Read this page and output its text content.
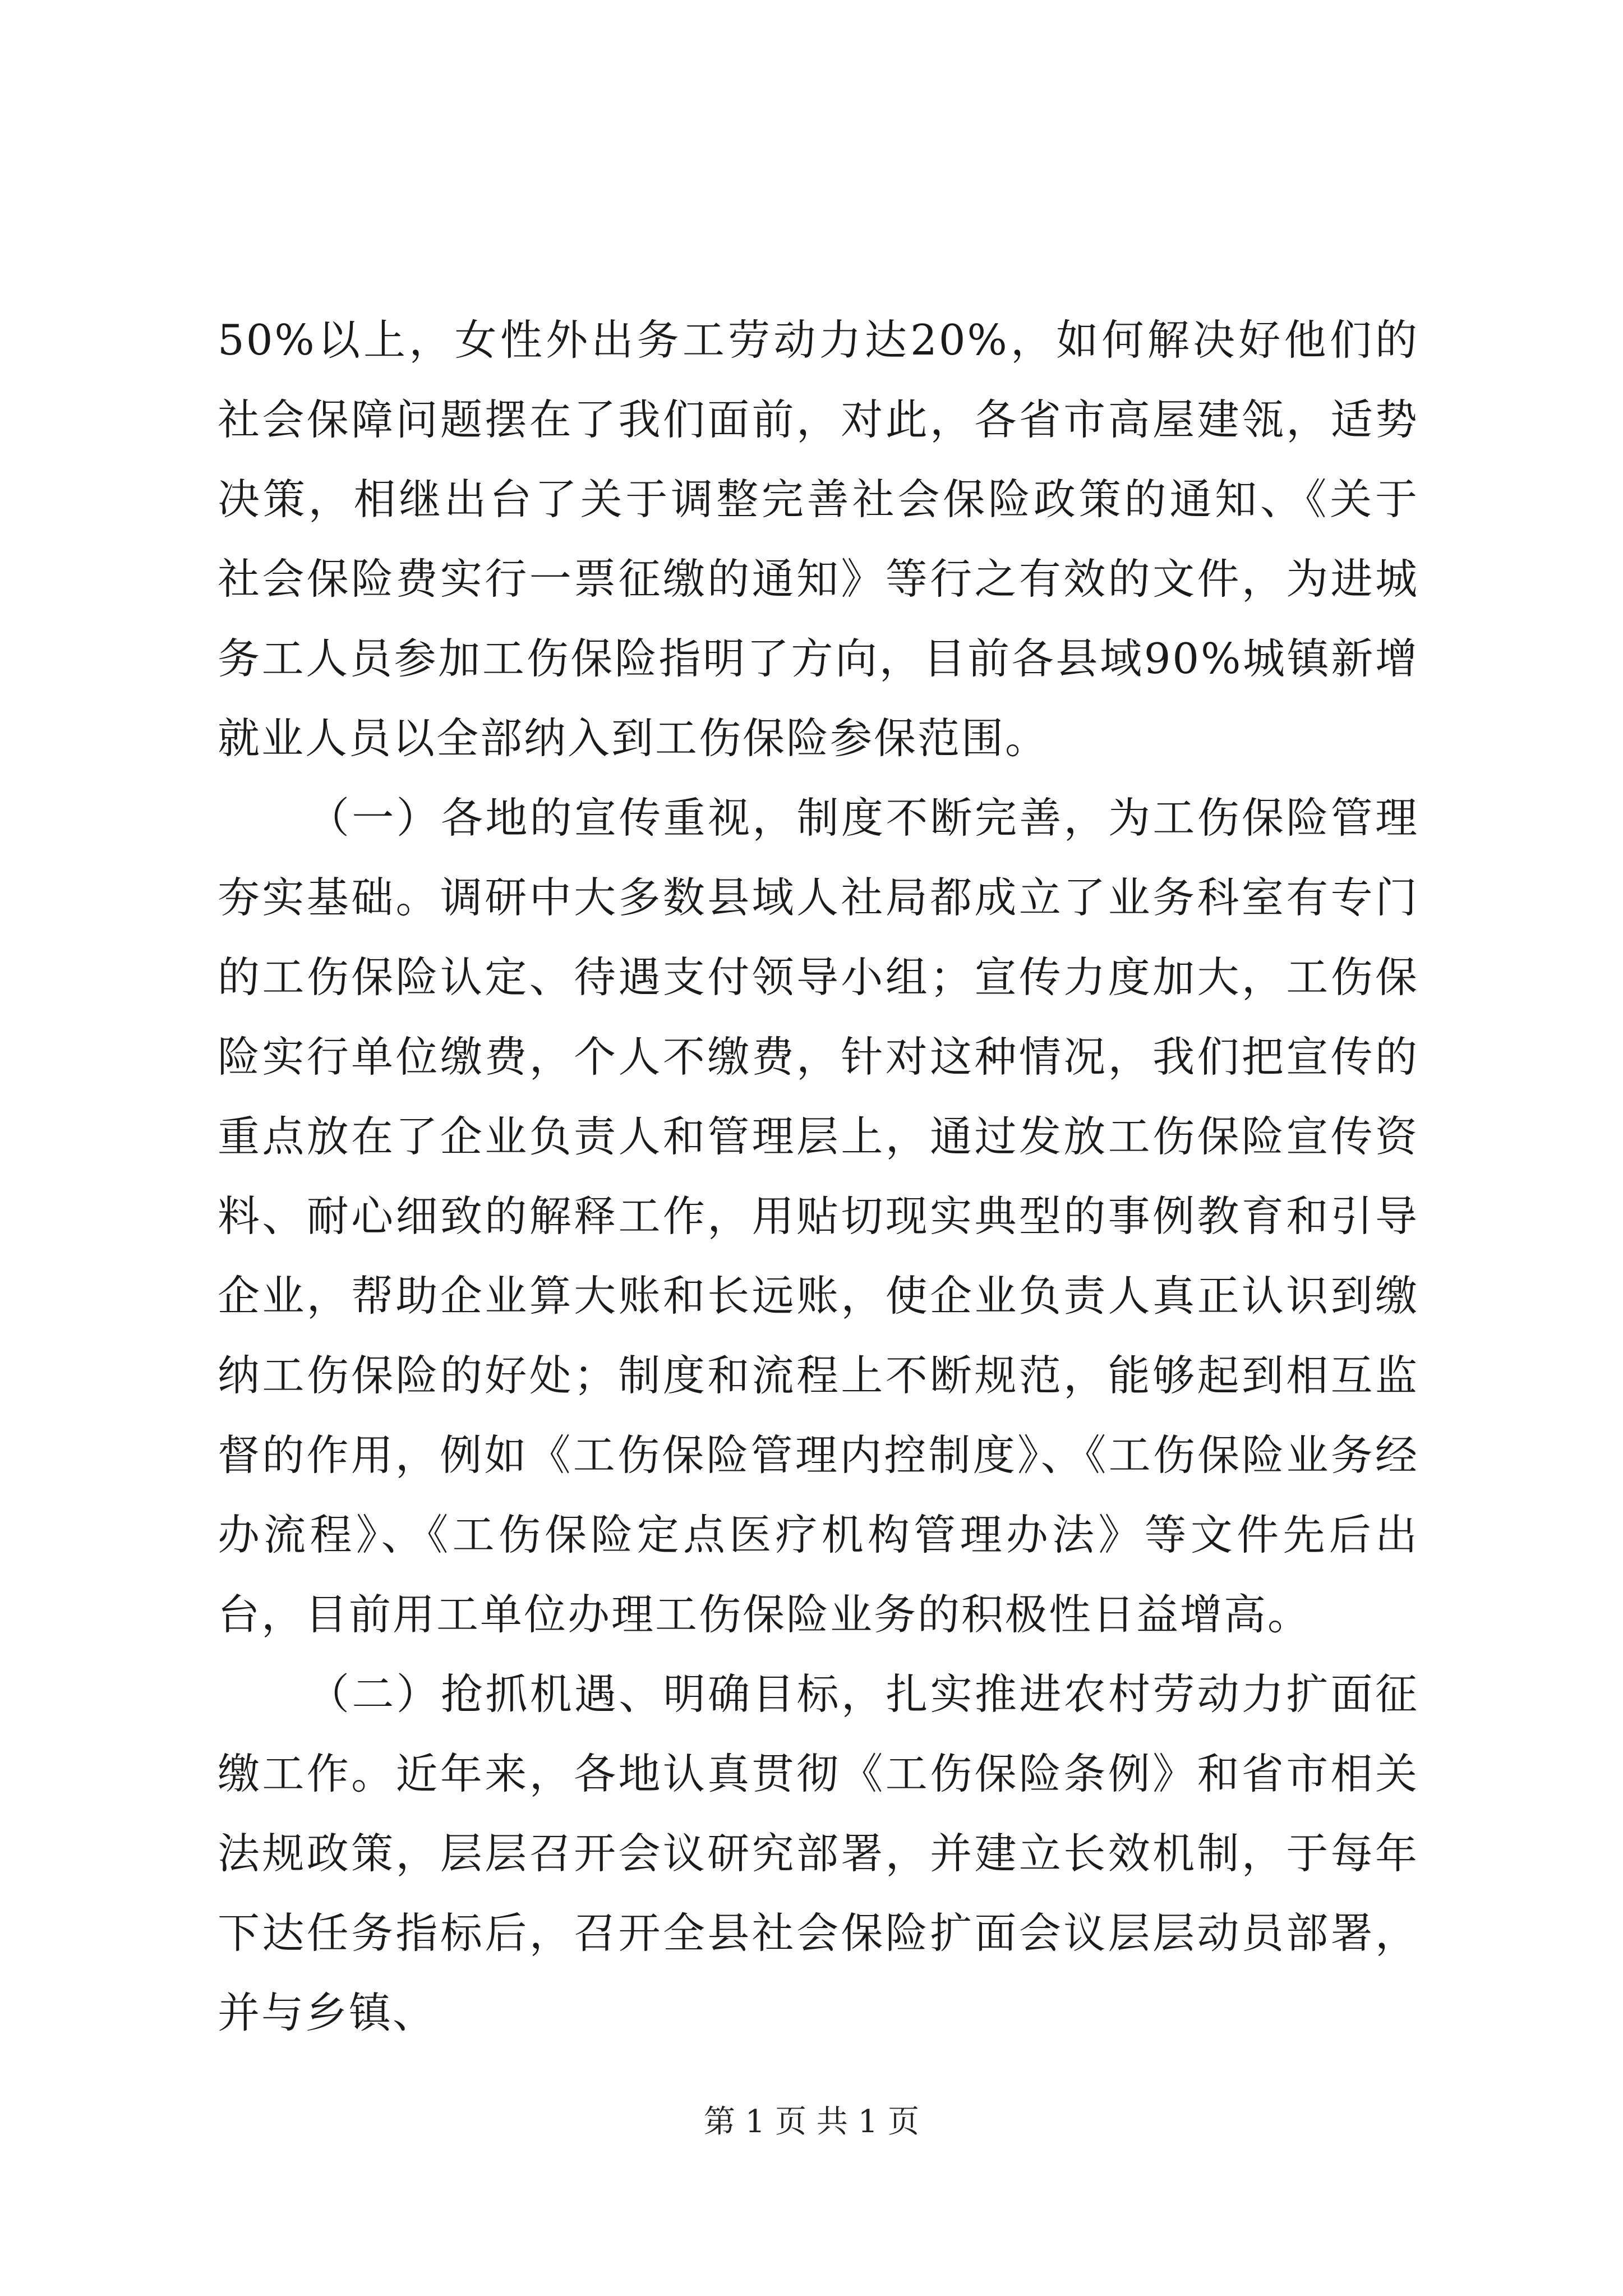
50%以上，女性外出务工劳动力达20%，如何解决好他们的社会保障问题摆在了我们面前，对此，各省市高屋建瓴，适势决策，相继出台了关于调整完善社会保险政策的通知、《关于社会保险费实行一票征缴的通知》等行之有效的文件，为进城务工人员参加工伤保险指明了方向，目前各县域90%城镇新增就业人员以全部纳入到工伤保险参保范围。

（一）各地的宣传重视，制度不断完善，为工伤保险管理夯实基础。调研中大多数县域人社局都成立了业务科室有专门的工伤保险认定、待遇支付领导小组；宣传力度加大，工伤保险实行单位缴费，个人不缴费，针对这种情况，我们把宣传的重点放在了企业负责人和管理层上，通过发放工伤保险宣传资料、耐心细致的解释工作，用贴切现实典型的事例教育和引导企业，帮助企业算大账和长远账，使企业负责人真正认识到缴纳工伤保险的好处；制度和流程上不断规范，能够起到相互监督的作用，例如《工伤保险管理内控制度》、《工伤保险业务经办流程》、《工伤保险定点医疗机构管理办法》等文件先后出台，目前用工单位办理工伤保险业务的积极性日益增高。

（二）抢抓机遇、明确目标，扎实推进农村劳动力扩面征缴工作。近年来，各地认真贯彻《工伤保险条例》和省市相关法规政策，层层召开会议研究部署，并建立长效机制，于每年下达任务指标后，召开全县社会保险扩面会议层层动员部署，并与乡镇、

第 1 页 共 1 页
